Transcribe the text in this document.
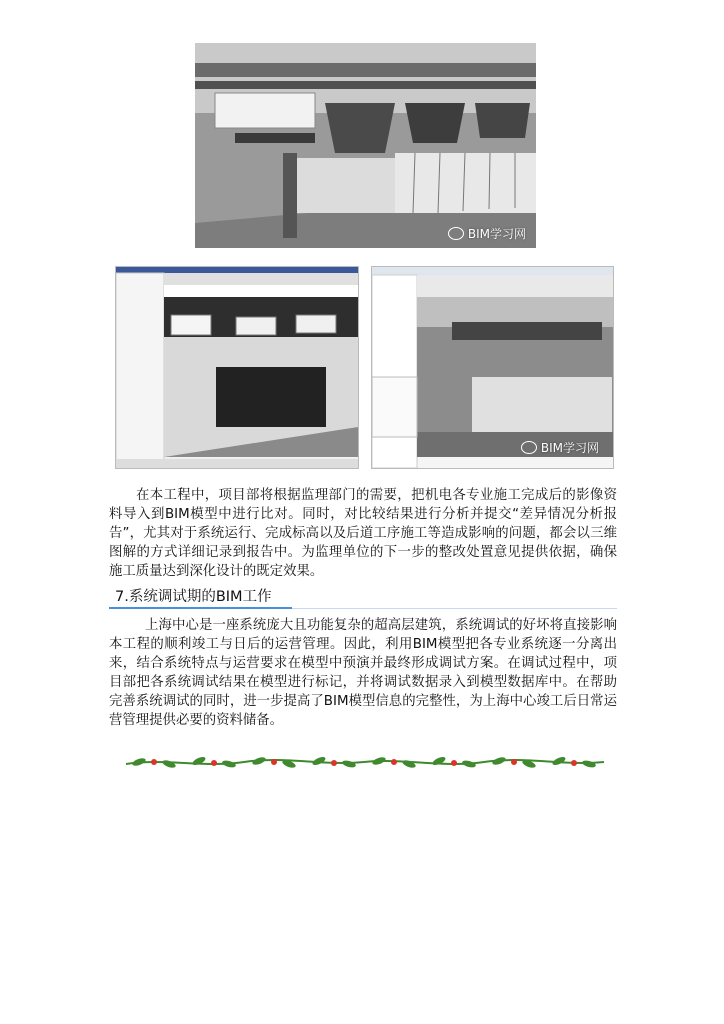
BIM学习网
BIM学习网
在本工程中，项目部将根据监理部门的需要，把机电各专业施工完成后的影像资料导入到BIM模型中进行比对。同时，对比较结果进行分析并提交“差异情况分析报告”，尤其对于系统运行、完成标高以及后道工序施工等造成影响的问题，都会以三维图解的方式详细记录到报告中。为监理单位的下一步的整改处置意见提供依据，确保施工质量达到深化设计的既定效果。
7.系统调试期的BIM工作
上海中心是一座系统庞大且功能复杂的超高层建筑，系统调试的好坏将直接影响本工程的顺利竣工与日后的运营管理。因此，利用BIM模型把各专业系统逐一分离出来，结合系统特点与运营要求在模型中预演并最终形成调试方案。在调试过程中，项目部把各系统调试结果在模型进行标记，并将调试数据录入到模型数据库中。在帮助完善系统调试的同时，进一步提高了BIM模型信息的完整性，为上海中心竣工后日常运营管理提供必要的资料储备。
